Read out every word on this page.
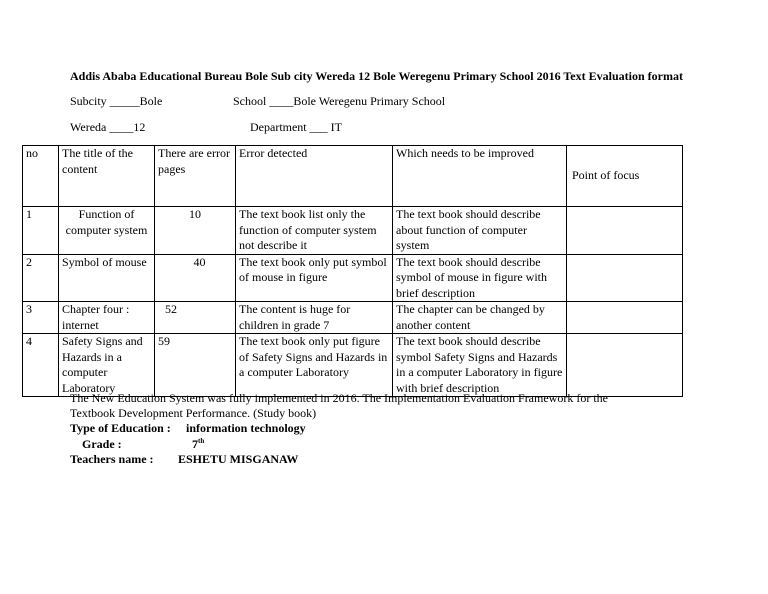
Addis Ababa Educational Bureau Bole Sub city Wereda 12 Bole Weregenu Primary School 2016 Text Evaluation format
Subcity _____Bole	School ____Bole Weregenu Primary School
Wereda ____12	Department ___ IT
no	The title of the content	There are error pages	Error detected	Which needs to be improved	Point of focus
1	Function of computer system	10	The text book list only the function of computer system not describe it	The text book should describe about function of computer system	
2	Symbol of mouse	40	The text book only put symbol of mouse in figure	The text book should describe symbol of mouse in figure with brief description	
3	Chapter four : internet	52	The content is huge for children in grade 7	The chapter can be changed by another content	
4	Safety Signs and Hazards in a computer Laboratory	59	The text book only put figure of Safety Signs and Hazards in a computer Laboratory	The text book should describe symbol Safety Signs and Hazards in a computer Laboratory in figure with brief description	
The New Education System was fully implemented in 2016. The Implementation Evaluation Framework for the
Textbook Development Performance. (Study book)
Type of Education : information technology
Grade :	7th
Teachers name : ESHETU MISGANAW
